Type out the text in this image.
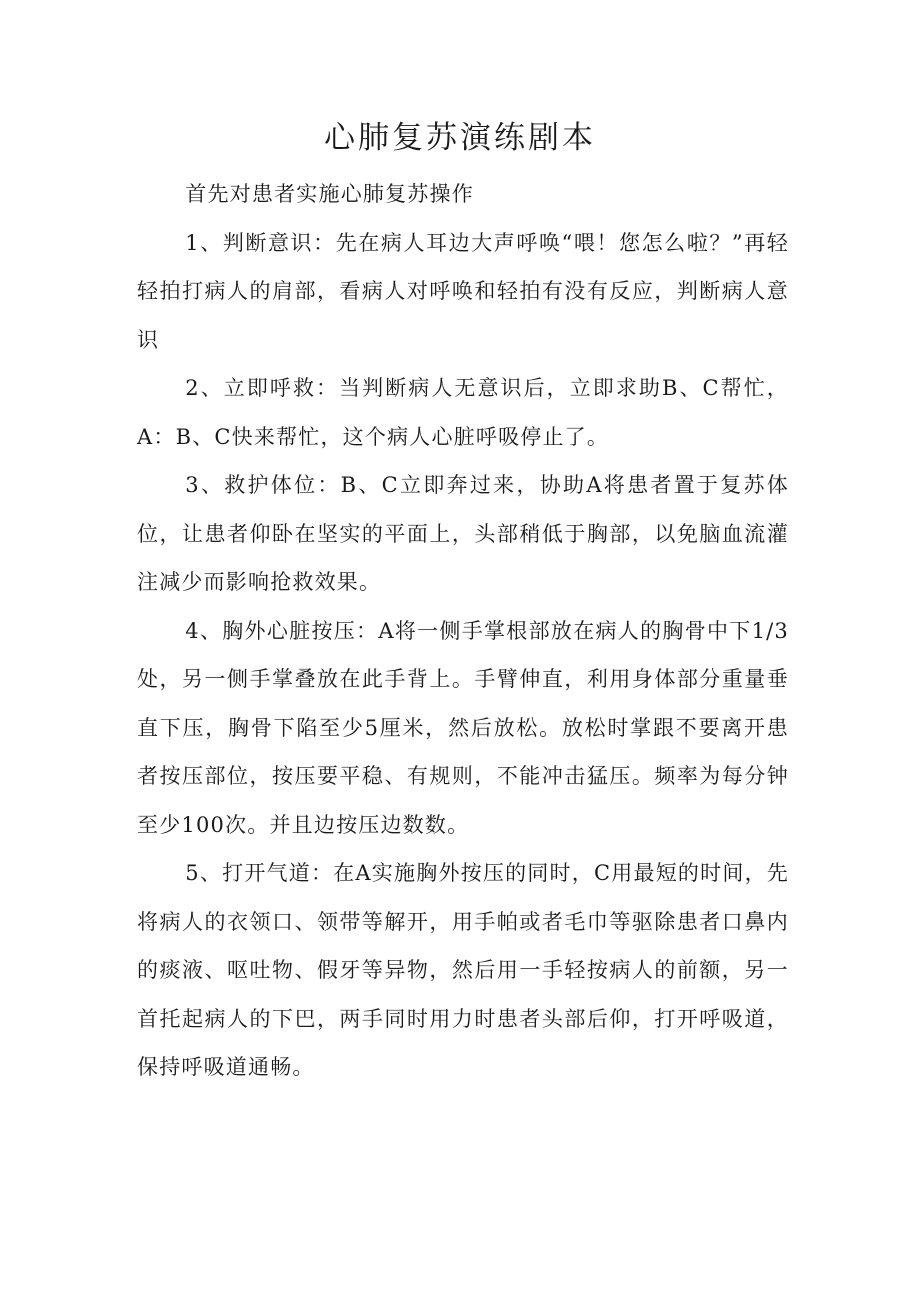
心肺复苏演练剧本

首先对患者实施心肺复苏操作

1、判断意识：先在病人耳边大声呼唤“喂！您怎么啦？”再轻轻拍打病人的肩部，看病人对呼唤和轻拍有没有反应，判断病人意识

2、立即呼救：当判断病人无意识后，立即求助B、C帮忙，A：B、C快来帮忙，这个病人心脏呼吸停止了。

3、救护体位：B、C立即奔过来，协助A将患者置于复苏体位，让患者仰卧在坚实的平面上，头部稍低于胸部，以免脑血流灌注减少而影响抢救效果。

4、胸外心脏按压：A将一侧手掌根部放在病人的胸骨中下1/3处，另一侧手掌叠放在此手背上。手臂伸直，利用身体部分重量垂直下压，胸骨下陷至少5厘米，然后放松。放松时掌跟不要离开患者按压部位，按压要平稳、有规则，不能冲击猛压。频率为每分钟至少100次。并且边按压边数数。

5、打开气道：在A实施胸外按压的同时，C用最短的时间，先将病人的衣领口、领带等解开，用手帕或者毛巾等驱除患者口鼻内的痰液、呕吐物、假牙等异物，然后用一手轻按病人的前额，另一首托起病人的下巴，两手同时用力时患者头部后仰，打开呼吸道，保持呼吸道通畅。
